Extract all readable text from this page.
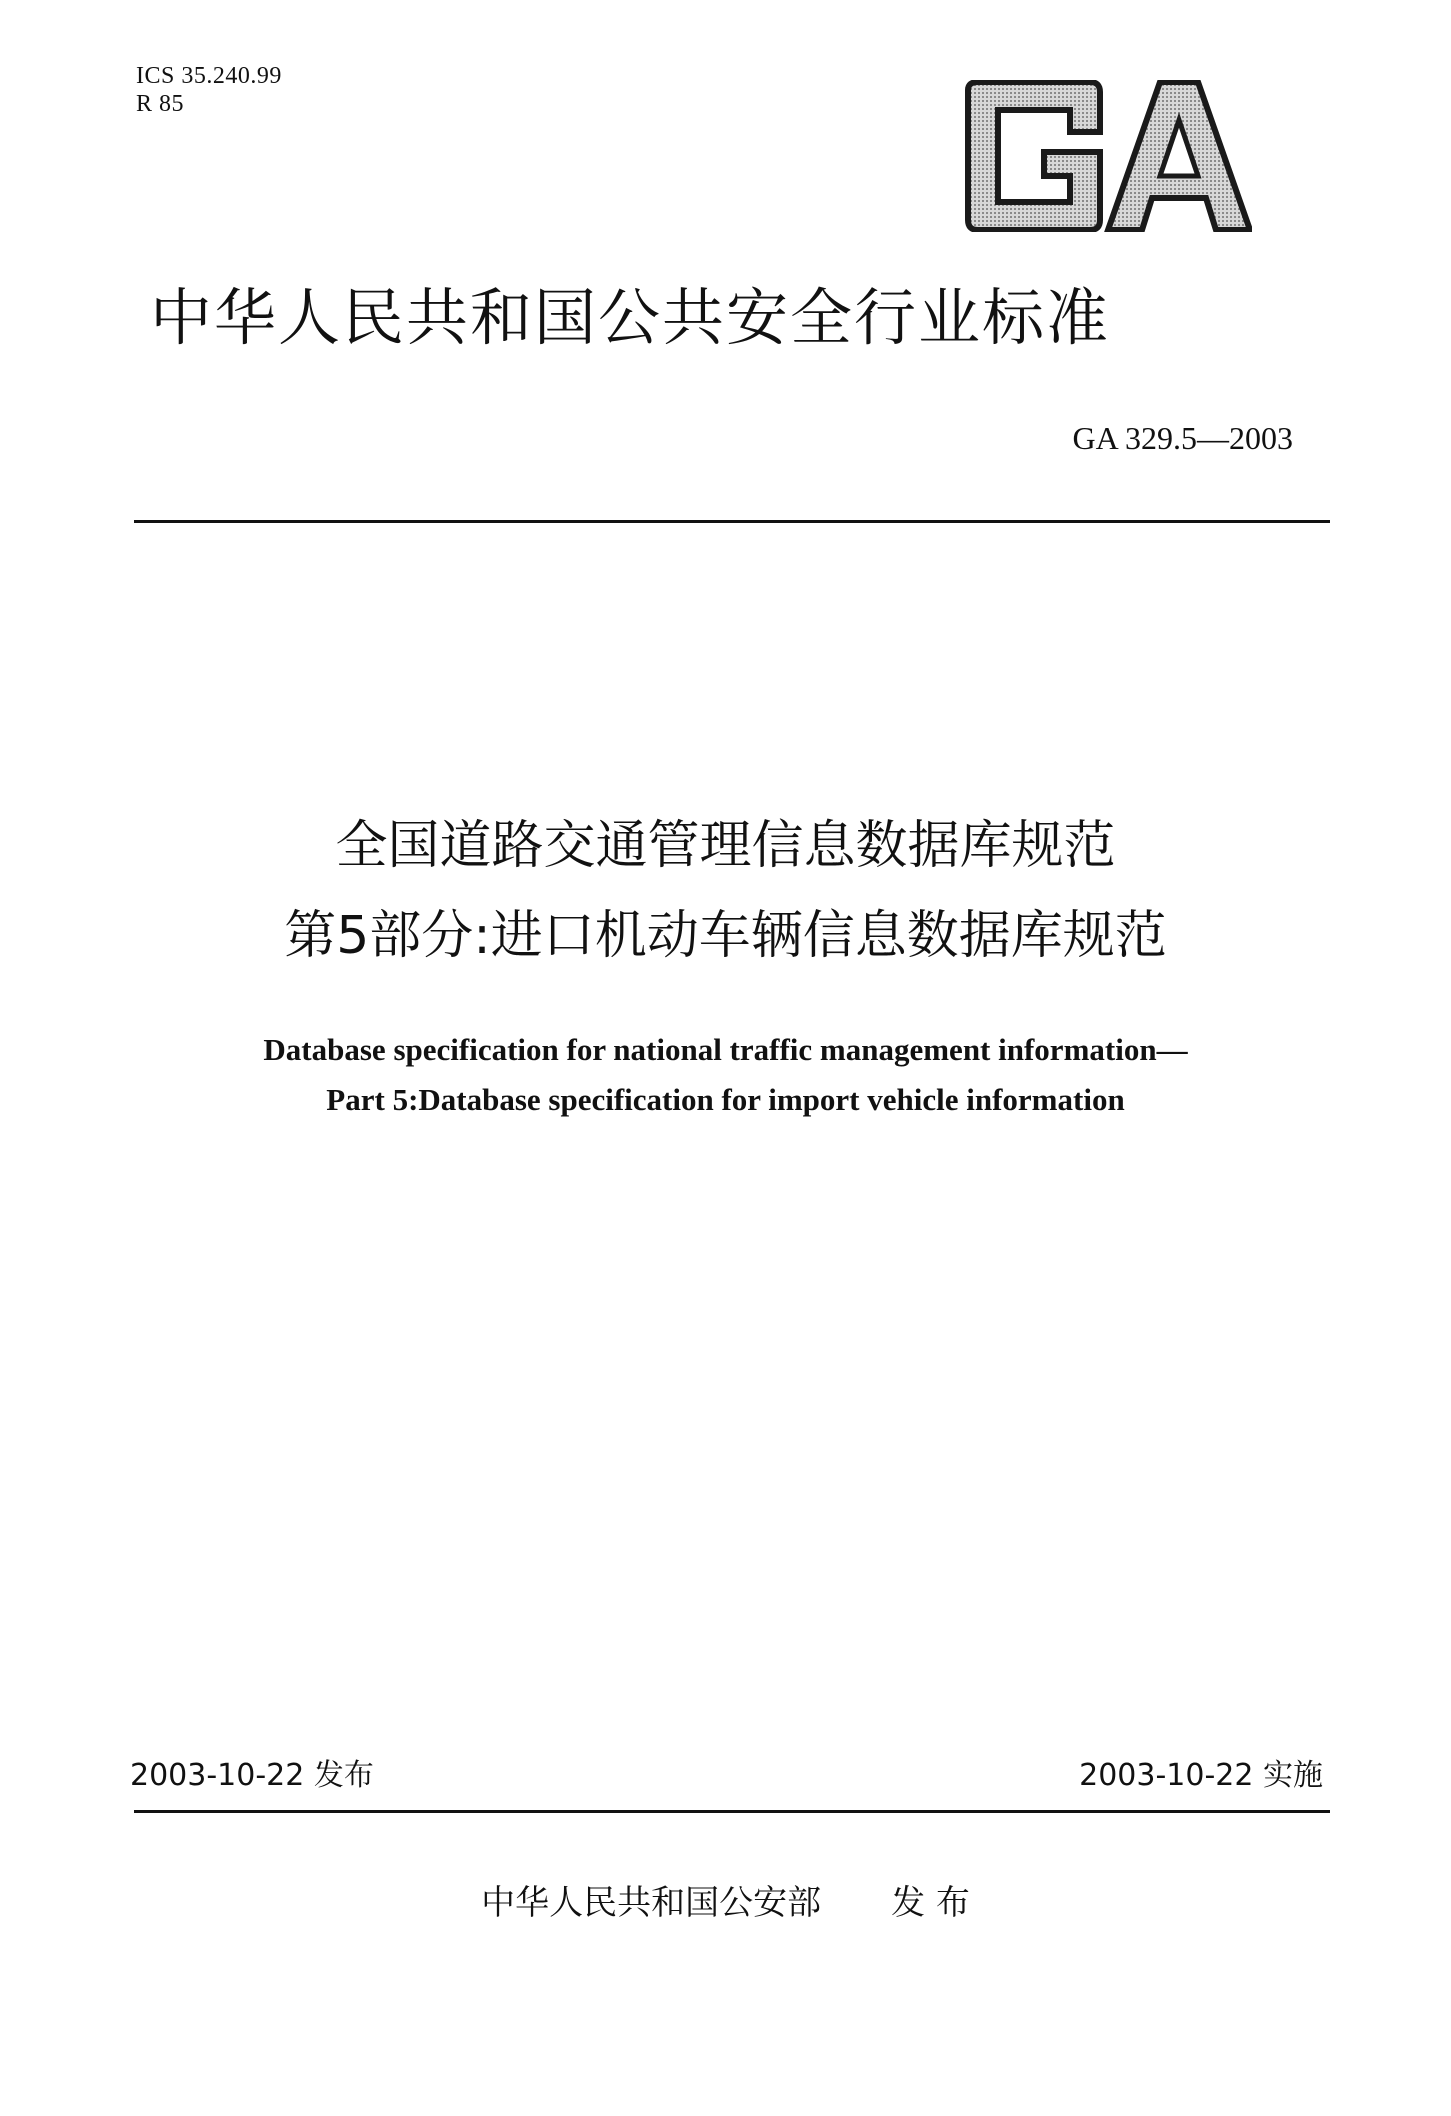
ICS 35.240.99
R 85
中华人民共和国公共安全行业标准
GA 329.5—2003
全国道路交通管理信息数据库规范
第5部分:进口机动车辆信息数据库规范
Database specification for national traffic management information—
Part 5:Database specification for import vehicle information
2003-10-22 发布	2003-10-22 实施
中华人民共和国公安部 发 布
